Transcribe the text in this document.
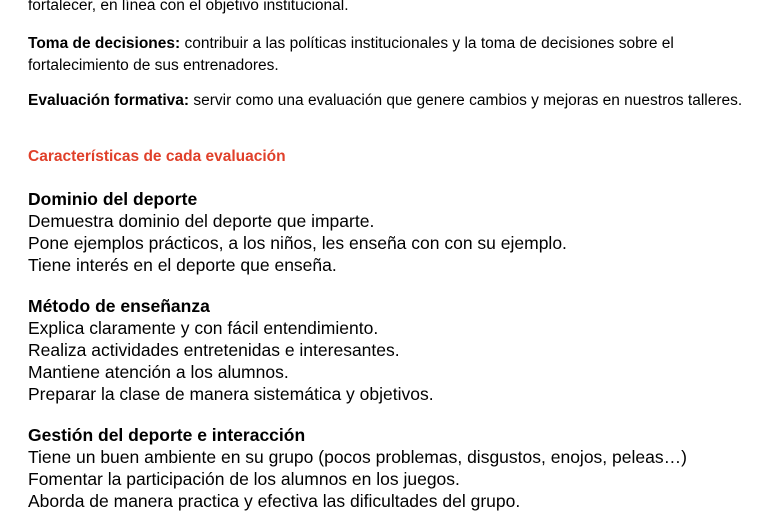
fortalecer, en línea con el objetivo institucional.

Toma de decisiones: contribuir a las políticas institucionales y la toma de decisiones sobre el fortalecimiento de sus entrenadores.

Evaluación formativa: servir como una evaluación que genere cambios y mejoras en nuestros talleres.

Características de cada evaluación

Dominio del deporte

Demuestra dominio del deporte que imparte.

Pone ejemplos prácticos, a los niños, les enseña con con su ejemplo.

Tiene interés en el deporte que enseña.

Método de enseñanza

Explica claramente y con fácil entendimiento.

Realiza actividades entretenidas e interesantes.

Mantiene atención a los alumnos.

Preparar la clase de manera sistemática y objetivos.

Gestión del deporte e interacción

Tiene un buen ambiente en su grupo (pocos problemas, disgustos, enojos, peleas…)

Fomentar la participación de los alumnos en los juegos.

Aborda de manera practica y efectiva las dificultades del grupo.
